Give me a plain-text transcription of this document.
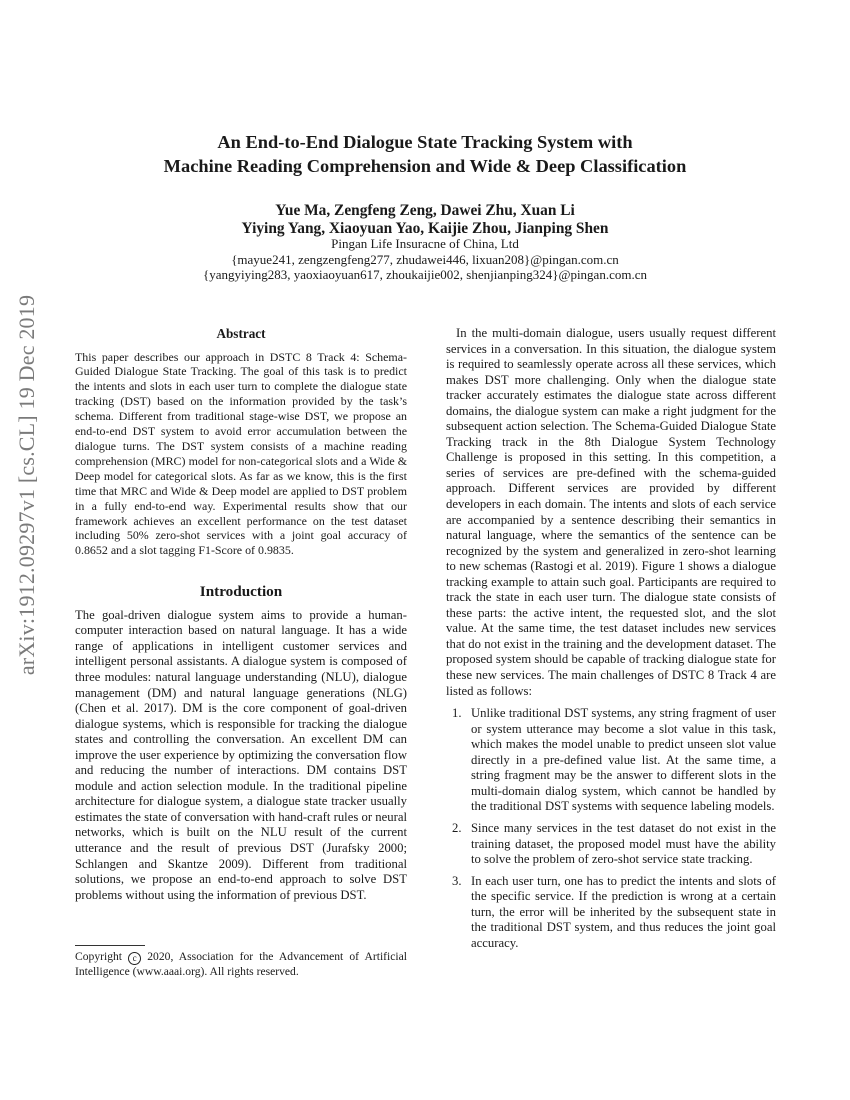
An End-to-End Dialogue State Tracking System with
Machine Reading Comprehension and Wide & Deep Classification
Yue Ma, Zengfeng Zeng, Dawei Zhu, Xuan Li
Yiying Yang, Xiaoyuan Yao, Kaijie Zhou, Jianping Shen
Pingan Life Insuracne of China, Ltd
{mayue241, zengzengfeng277, zhudawei446, lixuan208}@pingan.com.cn
{yangyiying283, yaoxiaoyuan617, zhoukaijie002, shenjianping324}@pingan.com.cn
arXiv:1912.09297v1 [cs.CL] 19 Dec 2019	Abstract

This paper describes our approach in DSTC 8 Track 4: Schema-Guided Dialogue State Tracking. The goal of this task is to predict the intents and slots in each user turn to complete the dialogue state tracking (DST) based on the information provided by the task’s schema. Different from traditional stage-wise DST, we propose an end-to-end DST system to avoid error accumulation between the dialogue turns. The DST system consists of a machine reading comprehension (MRC) model for non-categorical slots and a Wide & Deep model for categorical slots. As far as we know, this is the first time that MRC and Wide & Deep model are applied to DST problem in a fully end-to-end way. Experimental results show that our framework achieves an excellent performance on the test dataset including 50% zero-shot services with a joint goal accuracy of 0.8652 and a slot tagging F1-Score of 0.9835.

Introduction

The goal-driven dialogue system aims to provide a human-computer interaction based on natural language. It has a wide range of applications in intelligent customer services and intelligent personal assistants. A dialogue system is composed of three modules: natural language understanding (NLU), dialogue management (DM) and natural language generations (NLG) (Chen et al. 2017). DM is the core component of goal-driven dialogue systems, which is responsible for tracking the dialogue states and controlling the conversation. An excellent DM can improve the user experience by optimizing the conversation flow and reducing the number of interactions. DM contains DST module and action selection module. In the traditional pipeline architecture for dialogue system, a dialogue state tracker usually estimates the state of conversation with hand-craft rules or neural networks, which is built on the NLU result of the current utterance and the result of previous DST (Jurafsky 2000; Schlangen and Skantze 2009). Different from traditional solutions, we propose an end-to-end approach to solve DST problems without using the information of previous DST.

Copyright c 2020, Association for the Advancement of Artificial Intelligence (www.aaai.org). All rights reserved.

In the multi-domain dialogue, users usually request different services in a conversation. In this situation, the dialogue system is required to seamlessly operate across all these services, which makes DST more challenging. Only when the dialogue state tracker accurately estimates the dialogue state across different domains, the dialogue system can make a right judgment for the subsequent action selection. The Schema-Guided Dialogue State Tracking track in the 8th Dialogue System Technology Challenge is proposed in this setting. In this competition, a series of services are pre-defined with the schema-guided approach. Different services are provided by different developers in each domain. The intents and slots of each service are accompanied by a sentence describing their semantics in natural language, where the semantics of the sentence can be recognized by the system and generalized in zero-shot learning to new schemas (Rastogi et al. 2019). Figure 1 shows a dialogue tracking example to attain such goal. Participants are required to track the state in each user turn. The dialogue state consists of these parts: the active intent, the requested slot, and the slot value. At the same time, the test dataset includes new services that do not exist in the training and the development dataset. The proposed system should be capable of tracking dialogue state for these new services. The main challenges of DSTC 8 Track 4 are listed as follows:

1. Unlike traditional DST systems, any string fragment of user or system utterance may become a slot value in this task, which makes the model unable to predict unseen slot value directly in a pre-defined value list. At the same time, a string fragment may be the answer to different slots in the multi-domain dialog system, which cannot be handled by the traditional DST systems with sequence labeling models.
2. Since many services in the test dataset do not exist in the training dataset, the proposed model must have the ability to solve the problem of zero-shot service state tracking.
3. In each user turn, one has to predict the intents and slots of the specific service. If the prediction is wrong at a certain turn, the error will be inherited by the subsequent state in the traditional DST system, and thus reduces the joint goal accuracy.
